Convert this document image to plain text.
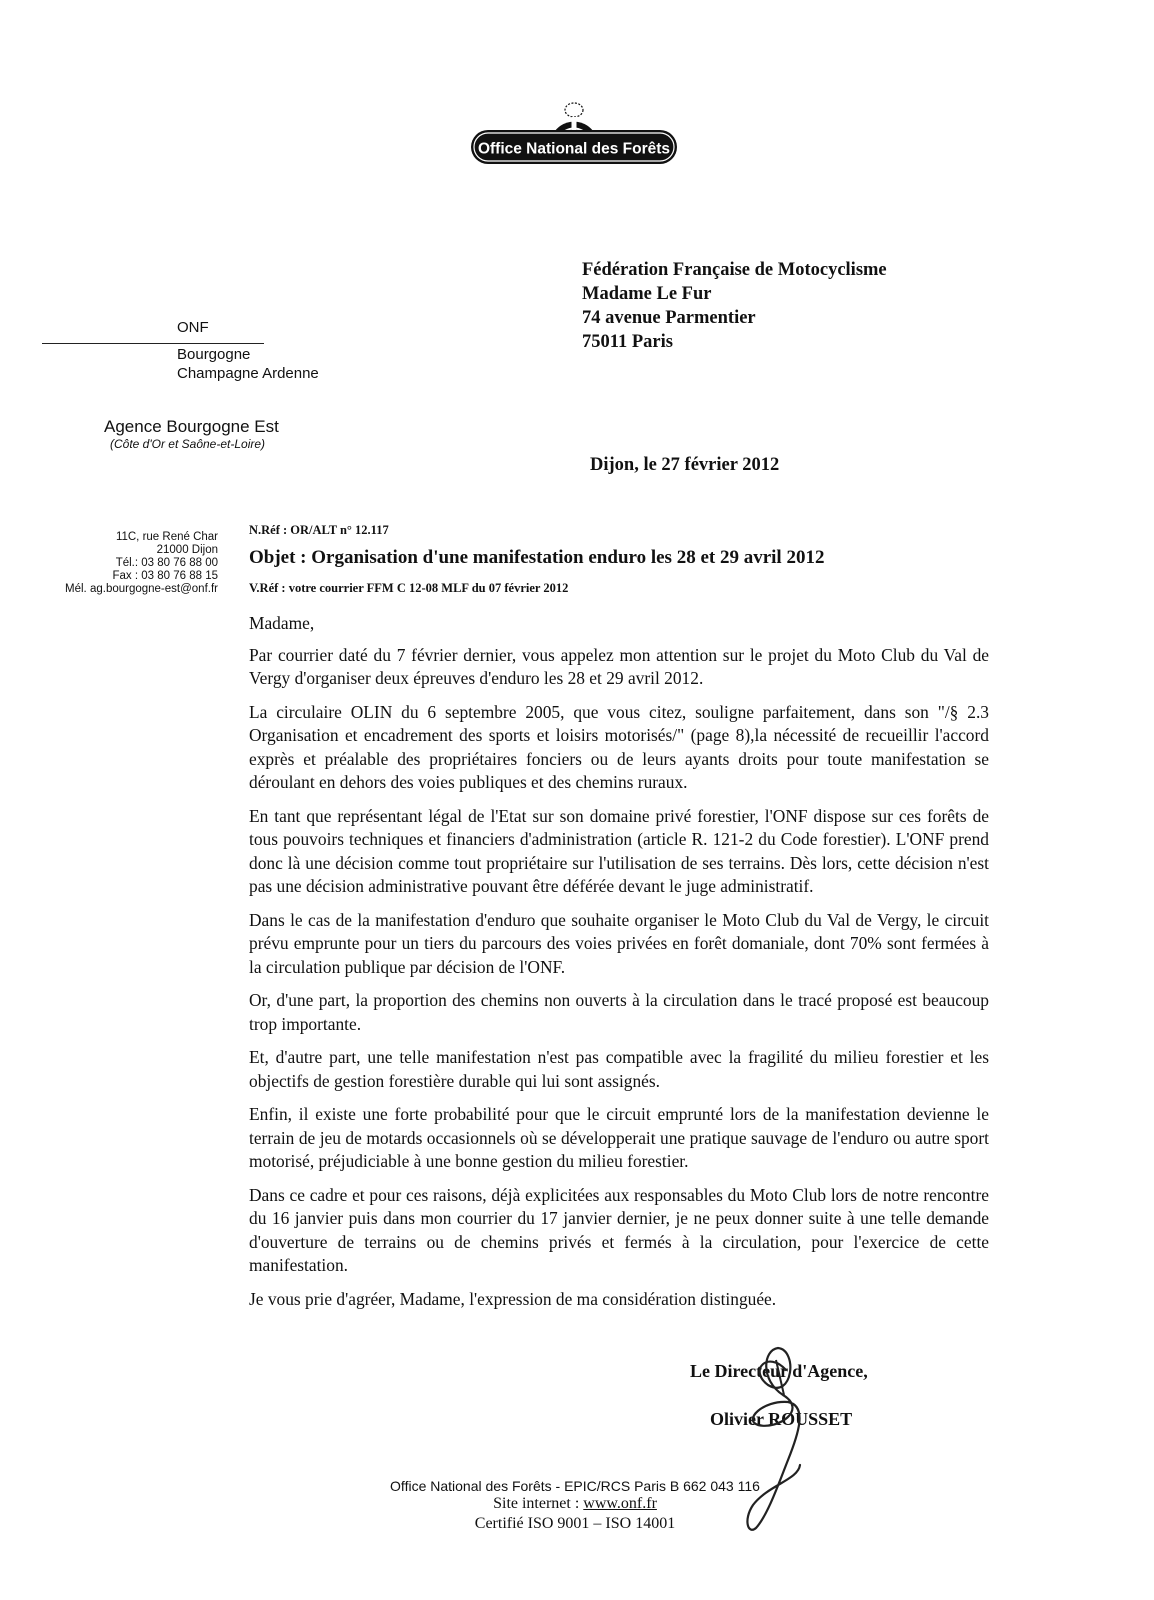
Office National des Forêts
Fédération Française de Motocyclisme
Madame Le Fur
74 avenue Parmentier
75011 Paris
ONF
Bourgogne
Champagne Ardenne
Agence Bourgogne Est
(Côte d'Or et Saône-et-Loire)
Dijon, le 27 février 2012
11C, rue René Char
21000 Dijon
Tél.: 03 80 76 88 00
Fax : 03 80 76 88 15
Mél. ag.bourgogne-est@onf.fr
N.Réf : OR/ALT n° 12.117
Objet : Organisation d'une manifestation enduro les 28 et 29 avril 2012
V.Réf : votre courrier FFM C 12-08 MLF du 07 février 2012

Madame,

Par courrier daté du 7 février dernier, vous appelez mon attention sur le projet du Moto Club du Val de Vergy d'organiser deux épreuves d'enduro les 28 et 29 avril 2012.

La circulaire OLIN du 6 septembre 2005, que vous citez, souligne parfaitement, dans son "/§ 2.3 Organisation et encadrement des sports et loisirs motorisés/" (page 8),la nécessité de recueillir l'accord exprès et préalable des propriétaires fonciers ou de leurs ayants droits pour toute manifestation se déroulant en dehors des voies publiques et des chemins ruraux.

En tant que représentant légal de l'Etat sur son domaine privé forestier, l'ONF dispose sur ces forêts de tous pouvoirs techniques et financiers d'administration (article R. 121-2 du Code forestier). L'ONF prend donc là une décision comme tout propriétaire sur l'utilisation de ses terrains. Dès lors, cette décision n'est pas une décision administrative pouvant être déférée devant le juge administratif.

Dans le cas de la manifestation d'enduro que souhaite organiser le Moto Club du Val de Vergy, le circuit prévu emprunte pour un tiers du parcours des voies privées en forêt domaniale, dont 70% sont fermées à la circulation publique par décision de l'ONF.

Or, d'une part, la proportion des chemins non ouverts à la circulation dans le tracé proposé est beaucoup trop importante.

Et, d'autre part, une telle manifestation n'est pas compatible avec la fragilité du milieu forestier et les objectifs de gestion forestière durable qui lui sont assignés.

Enfin, il existe une forte probabilité pour que le circuit emprunté lors de la manifestation devienne le terrain de jeu de motards occasionnels où se développerait une pratique sauvage de l'enduro ou autre sport motorisé, préjudiciable à une bonne gestion du milieu forestier.

Dans ce cadre et pour ces raisons, déjà explicitées aux responsables du Moto Club lors de notre rencontre du 16 janvier puis dans mon courrier du 17 janvier dernier, je ne peux donner suite à une telle demande d'ouverture de terrains ou de chemins privés et fermés à la circulation, pour l'exercice de cette manifestation.

Je vous prie d'agréer, Madame, l'expression de ma considération distinguée.

Le Directeur d'Agence,
Olivier ROUSSET
Office National des Forêts - EPIC/RCS Paris B 662 043 116
Site internet : www.onf.fr
Certifié ISO 9001 – ISO 14001
